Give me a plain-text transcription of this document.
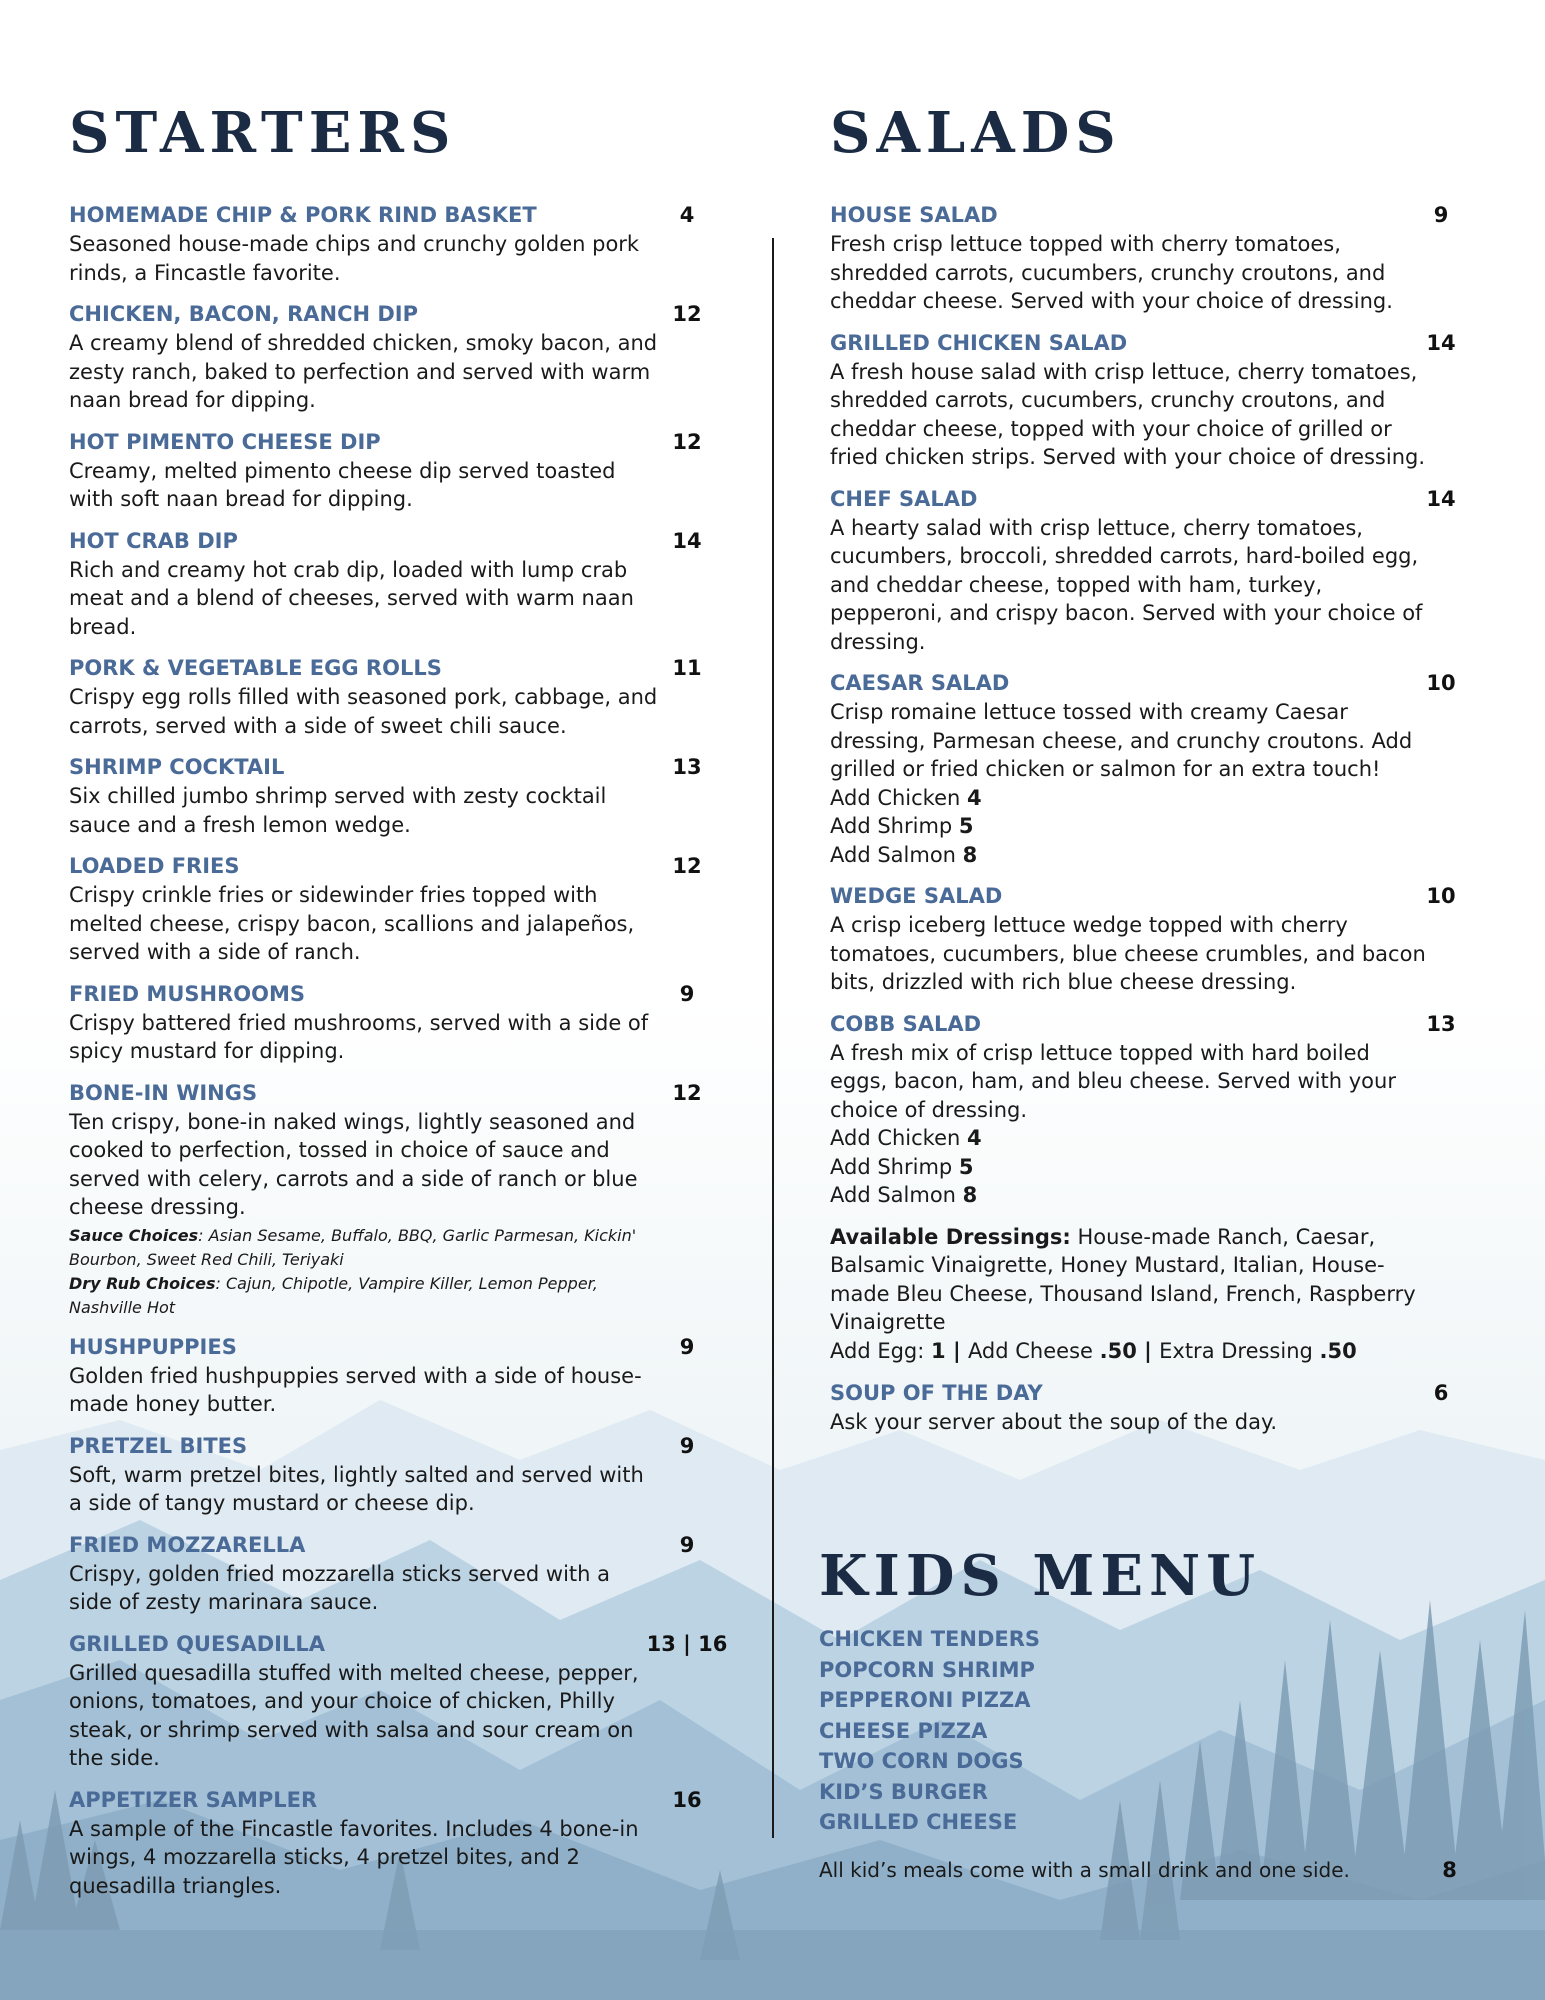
STARTERS
HOMEMADE CHIP & PORK RIND BASKET	4
Seasoned house-made chips and crunchy golden pork rinds, a Fincastle favorite.
CHICKEN, BACON, RANCH DIP	12
A creamy blend of shredded chicken, smoky bacon, and zesty ranch, baked to perfection and served with warm naan bread for dipping.
HOT PIMENTO CHEESE DIP	12
Creamy, melted pimento cheese dip served toasted with soft naan bread for dipping.
HOT CRAB DIP	14
Rich and creamy hot crab dip, loaded with lump crab meat and a blend of cheeses, served with warm naan bread.
PORK & VEGETABLE EGG ROLLS	11
Crispy egg rolls filled with seasoned pork, cabbage, and carrots, served with a side of sweet chili sauce.
SHRIMP COCKTAIL	13
Six chilled jumbo shrimp served with zesty cocktail sauce and a fresh lemon wedge.
LOADED FRIES	12
Crispy crinkle fries or sidewinder fries topped with melted cheese, crispy bacon, scallions and jalapeños, served with a side of ranch.
FRIED MUSHROOMS	9
Crispy battered fried mushrooms, served with a side of spicy mustard for dipping.
BONE-IN WINGS	12
Ten crispy, bone-in naked wings, lightly seasoned and cooked to perfection, tossed in choice of sauce and served with celery, carrots and a side of ranch or blue cheese dressing.
Sauce Choices: Asian Sesame, Buffalo, BBQ, Garlic Parmesan, Kickin' Bourbon, Sweet Red Chili, Teriyaki
Dry Rub Choices: Cajun, Chipotle, Vampire Killer, Lemon Pepper, Nashville Hot
HUSHPUPPIES	9
Golden fried hushpuppies served with a side of house-made honey butter.
PRETZEL BITES	9
Soft, warm pretzel bites, lightly salted and served with a side of tangy mustard or cheese dip.
FRIED MOZZARELLA	9
Crispy, golden fried mozzarella sticks served with a side of zesty marinara sauce.
GRILLED QUESADILLA	13 | 16
Grilled quesadilla stuffed with melted cheese, pepper, onions, tomatoes, and your choice of chicken, Philly steak, or shrimp served with salsa and sour cream on the side.
APPETIZER SAMPLER	16
A sample of the Fincastle favorites. Includes 4 bone-in wings, 4 mozzarella sticks, 4 pretzel bites, and 2 quesadilla triangles.
SALADS
HOUSE SALAD	9
Fresh crisp lettuce topped with cherry tomatoes, shredded carrots, cucumbers, crunchy croutons, and cheddar cheese. Served with your choice of dressing.
GRILLED CHICKEN SALAD	14
A fresh house salad with crisp lettuce, cherry tomatoes, shredded carrots, cucumbers, crunchy croutons, and cheddar cheese, topped with your choice of grilled or fried chicken strips. Served with your choice of dressing.
CHEF SALAD	14
A hearty salad with crisp lettuce, cherry tomatoes, cucumbers, broccoli, shredded carrots, hard-boiled egg, and cheddar cheese, topped with ham, turkey, pepperoni, and crispy bacon. Served with your choice of dressing.
CAESAR SALAD	10
Crisp romaine lettuce tossed with creamy Caesar dressing, Parmesan cheese, and crunchy croutons. Add grilled or fried chicken or salmon for an extra touch!
Add Chicken 4
Add Shrimp 5
Add Salmon 8
WEDGE SALAD	10
A crisp iceberg lettuce wedge topped with cherry tomatoes, cucumbers, blue cheese crumbles, and bacon bits, drizzled with rich blue cheese dressing.
COBB SALAD	13
A fresh mix of crisp lettuce topped with hard boiled eggs, bacon, ham, and bleu cheese. Served with your choice of dressing.
Add Chicken 4
Add Shrimp 5
Add Salmon 8
Available Dressings: House-made Ranch, Caesar, Balsamic Vinaigrette, Honey Mustard, Italian, House-made Bleu Cheese, Thousand Island, French, Raspberry Vinaigrette
Add Egg: 1 | Add Cheese .50 | Extra Dressing .50
SOUP OF THE DAY	6
Ask your server about the soup of the day.
KIDS MENU
CHICKEN TENDERS
POPCORN SHRIMP
PEPPERONI PIZZA
CHEESE PIZZA
TWO CORN DOGS
KID’S BURGER
GRILLED CHEESE
All kid’s meals come with a small drink and one side.	8
